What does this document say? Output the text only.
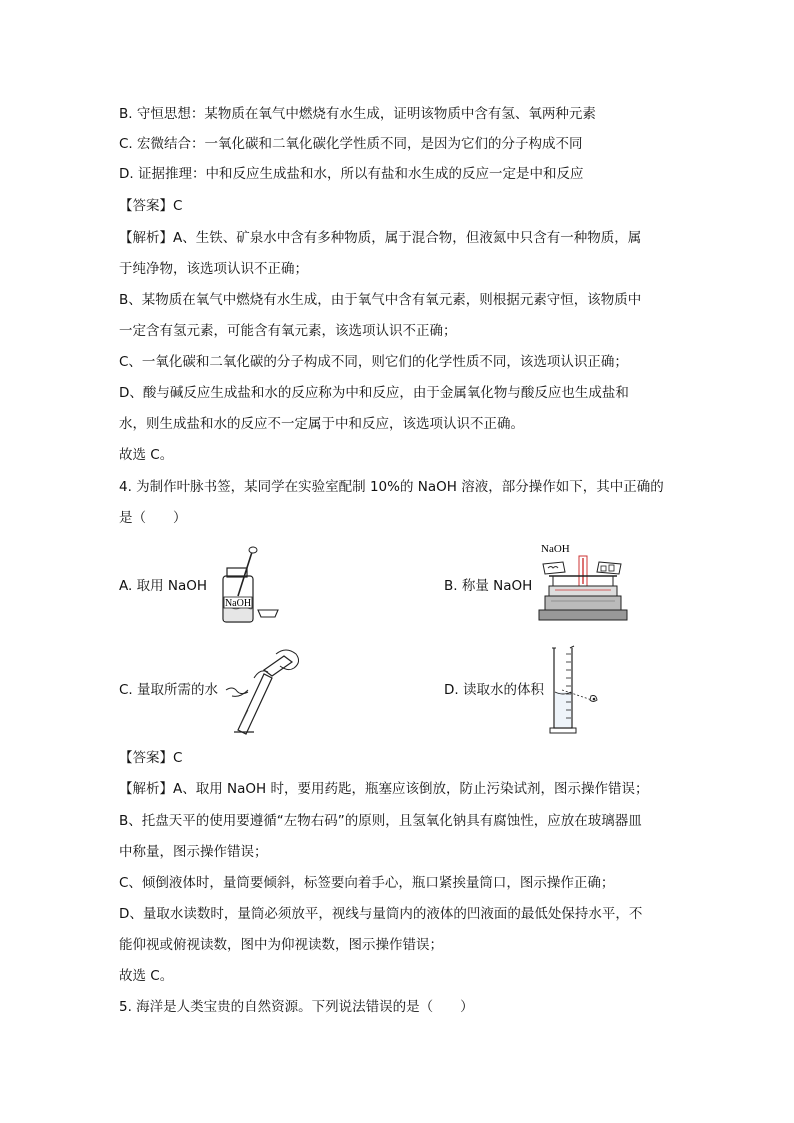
B. 守恒思想：某物质在氧气中燃烧有水生成，证明该物质中含有氢、氧两种元素
C. 宏微结合：一氧化碳和二氧化碳化学性质不同，是因为它们的分子构成不同
D. 证据推理：中和反应生成盐和水，所以有盐和水生成的反应一定是中和反应
【答案】C
【解析】A、生铁、矿泉水中含有多种物质，属于混合物，但液氮中只含有一种物质，属
于纯净物，该选项认识不正确；
B、某物质在氧气中燃烧有水生成，由于氧气中含有氧元素，则根据元素守恒，该物质中
一定含有氢元素，可能含有氧元素，该选项认识不正确；
C、一氧化碳和二氧化碳的分子构成不同，则它们的化学性质不同，该选项认识正确；
D、酸与碱反应生成盐和水的反应称为中和反应，由于金属氧化物与酸反应也生成盐和
水，则生成盐和水的反应不一定属于中和反应，该选项认识不正确。
故选 C。
4. 为制作叶脉书签，某同学在实验室配制 10%的 NaOH 溶液，部分操作如下，其中正确的
是（　　）
A. 取用 NaOH
NaOH
B. 称量 NaOH
NaOH
C. 量取所需的水	D. 读取水的体积
【答案】C
【解析】A、取用 NaOH 时，要用药匙，瓶塞应该倒放，防止污染试剂，图示操作错误；
B、托盘天平的使用要遵循“左物右码”的原则，且氢氧化钠具有腐蚀性，应放在玻璃器皿
中称量，图示操作错误；
C、倾倒液体时，量筒要倾斜，标签要向着手心，瓶口紧挨量筒口，图示操作正确；
D、量取水读数时，量筒必须放平，视线与量筒内的液体的凹液面的最低处保持水平，不
能仰视或俯视读数，图中为仰视读数，图示操作错误；
故选 C。
5. 海洋是人类宝贵的自然资源。下列说法错误的是（　　）
